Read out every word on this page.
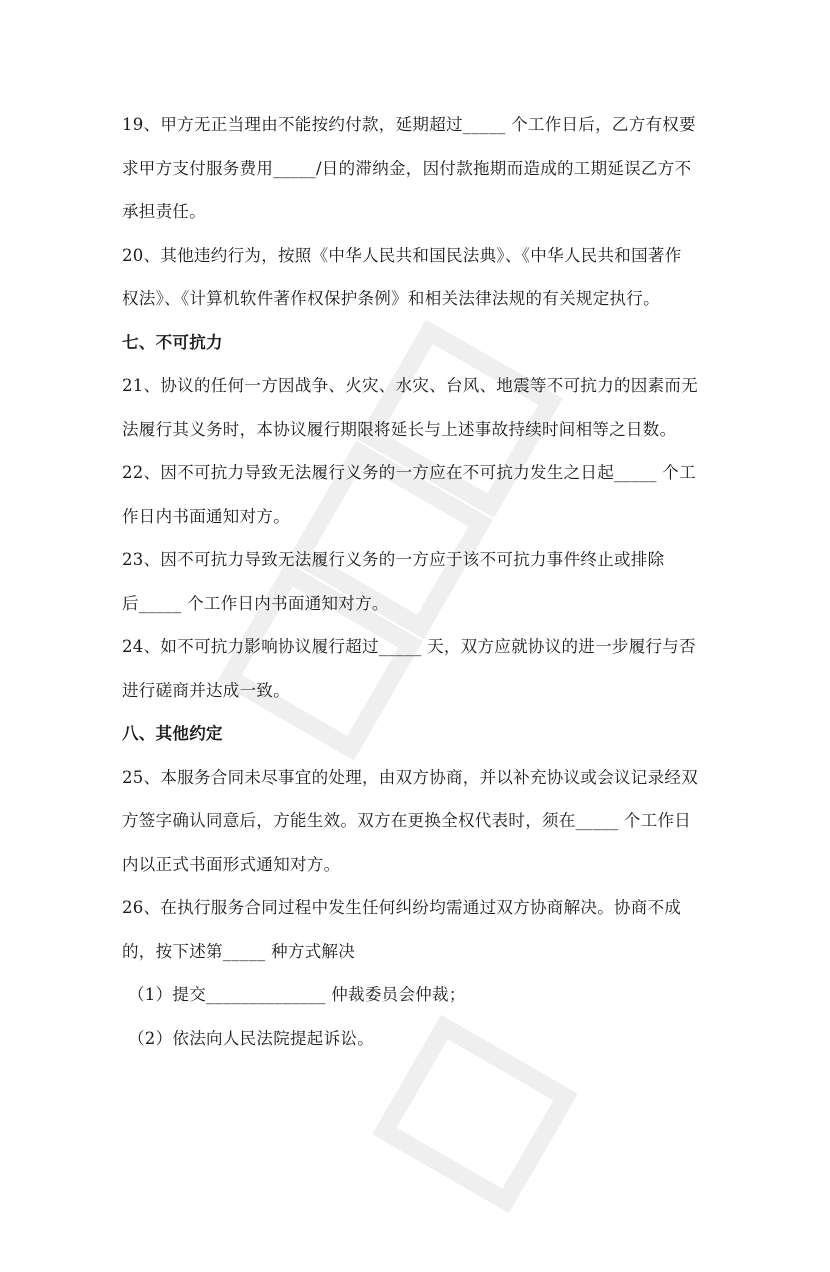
19、甲方无正当理由不能按约付款，延期超过_____ 个工作日后，乙方有权要
求甲方支付服务费用_____/日的滞纳金，因付款拖期而造成的工期延误乙方不
承担责任。
20、其他违约行为，按照《中华人民共和国民法典》、《中华人民共和国著作
权法》、《计算机软件著作权保护条例》和相关法律法规的有关规定执行。
七、不可抗力
21、协议的任何一方因战争、火灾、水灾、台风、地震等不可抗力的因素而无
法履行其义务时，本协议履行期限将延长与上述事故持续时间相等之日数。
22、因不可抗力导致无法履行义务的一方应在不可抗力发生之日起_____ 个工
作日内书面通知对方。
23、因不可抗力导致无法履行义务的一方应于该不可抗力事件终止或排除
后_____ 个工作日内书面通知对方。
24、如不可抗力影响协议履行超过_____ 天，双方应就协议的进一步履行与否
进行磋商并达成一致。
八、其他约定
25、本服务合同未尽事宜的处理，由双方协商，并以补充协议或会议记录经双
方签字确认同意后，方能生效。双方在更换全权代表时，须在_____ 个工作日
内以正式书面形式通知对方。
26、在执行服务合同过程中发生任何纠纷均需通过双方协商解决。协商不成
的，按下述第_____ 种方式解决
（1）提交______________ 仲裁委员会仲裁；
（2）依法向人民法院提起诉讼。
